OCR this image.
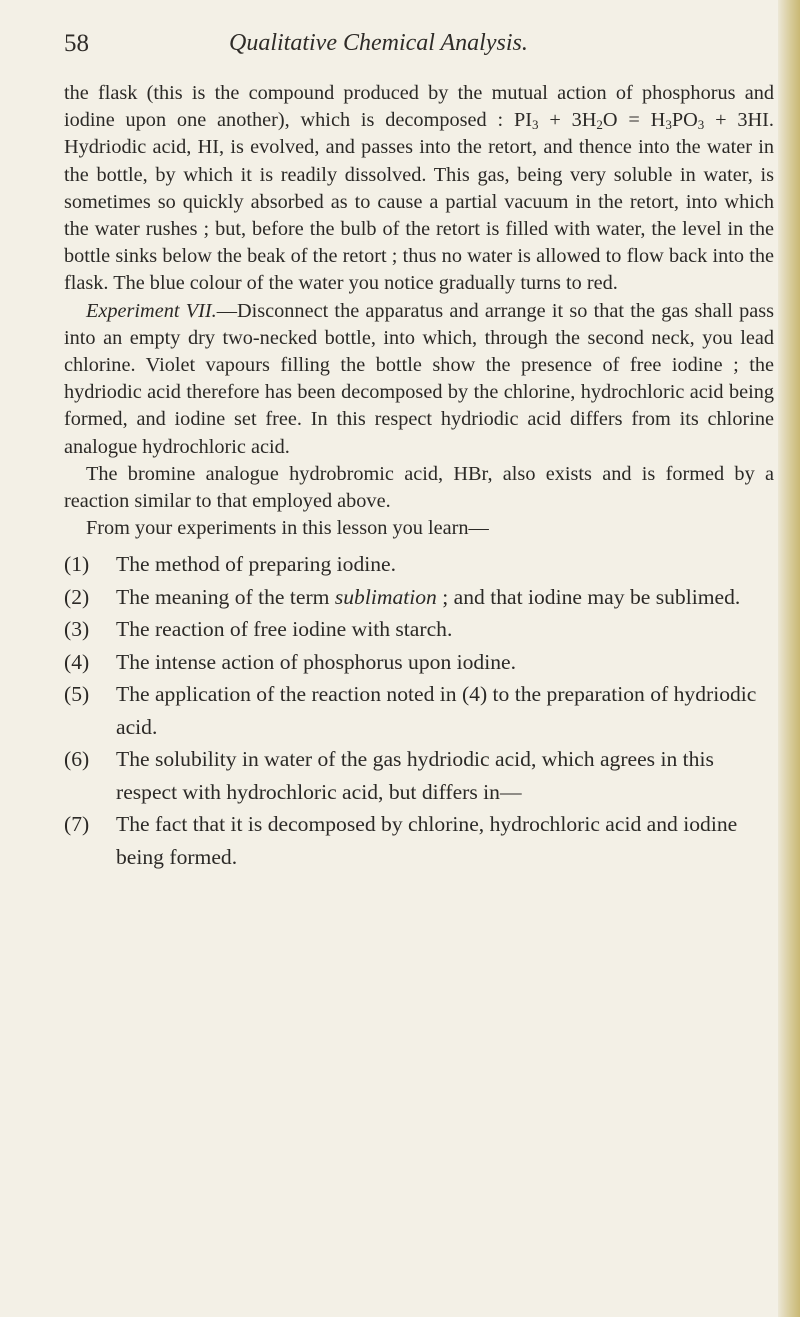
58	Qualitative Chemical Analysis.

the flask (this is the compound produced by the mutual action of phosphorus and iodine upon one another), which is decomposed : $PI_3 + 3H_2O = H_3PO_3 + 3HI$. Hydriodic acid, HI, is evolved, and passes into the retort, and thence into the water in the bottle, by which it is readily dissolved. This gas, being very soluble in water, is sometimes so quickly absorbed as to cause a partial vacuum in the retort, into which the water rushes ; but, before the bulb of the retort is filled with water, the level in the bottle sinks below the beak of the retort ; thus no water is allowed to flow back into the flask. The blue colour of the water you notice gradually turns to red.

Experiment VII.—Disconnect the apparatus and arrange it so that the gas shall pass into an empty dry two-necked bottle, into which, through the second neck, you lead chlorine. Violet vapours filling the bottle show the presence of free iodine ; the hydriodic acid therefore has been decomposed by the chlorine, hydrochloric acid being formed, and iodine set free. In this respect hydriodic acid differs from its chlorine analogue hydrochloric acid.

The bromine analogue hydrobromic acid, HBr, also exists and is formed by a reaction similar to that employed above.

From your experiments in this lesson you learn—

(1) The method of preparing iodine.
(2) The meaning of the term sublimation ; and that iodine may be sublimed.
(3) The reaction of free iodine with starch.
(4) The intense action of phosphorus upon iodine.
(5) The application of the reaction noted in (4) to the preparation of hydriodic acid.
(6) The solubility in water of the gas hydriodic acid, which agrees in this respect with hydrochloric acid, but differs in—
(7) The fact that it is decomposed by chlorine, hydrochloric acid and iodine being formed.
